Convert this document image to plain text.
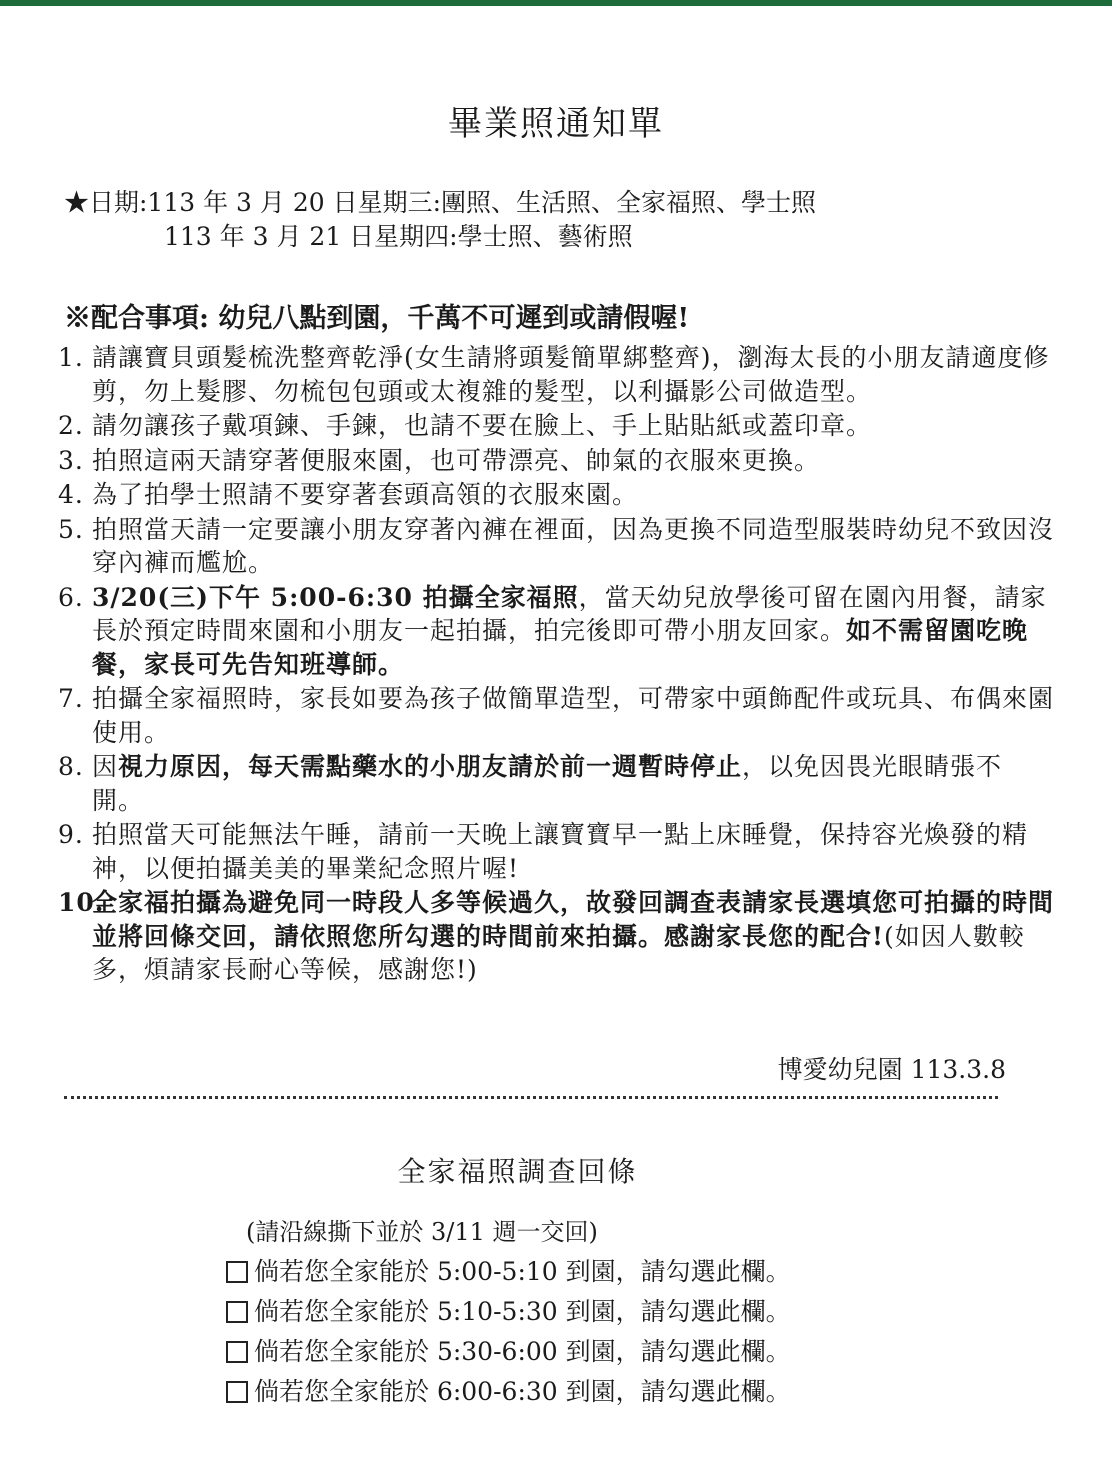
畢業照通知單
★日期:113 年 3 月 20 日星期三:團照、生活照、全家福照、學士照
113 年 3 月 21 日星期四:學士照、藝術照
※配合事項: 幼兒八點到園，千萬不可遲到或請假喔!
1. 請讓寶貝頭髮梳洗整齊乾淨(女生請將頭髮簡單綁整齊)，瀏海太長的小朋友請適度修剪，勿上髮膠、勿梳包包頭或太複雜的髮型，以利攝影公司做造型。
2. 請勿讓孩子戴項鍊、手鍊，也請不要在臉上、手上貼貼紙或蓋印章。
3. 拍照這兩天請穿著便服來園，也可帶漂亮、帥氣的衣服來更換。
4. 為了拍學士照請不要穿著套頭高領的衣服來園。
5. 拍照當天請一定要讓小朋友穿著內褲在裡面，因為更換不同造型服裝時幼兒不致因沒穿內褲而尷尬。
6. 3/20(三)下午 5:00-6:30 拍攝全家福照，當天幼兒放學後可留在園內用餐，請家長於預定時間來園和小朋友一起拍攝，拍完後即可帶小朋友回家。如不需留園吃晚餐，家長可先告知班導師。
7. 拍攝全家福照時，家長如要為孩子做簡單造型，可帶家中頭飾配件或玩具、布偶來園使用。
8. 因視力原因，每天需點藥水的小朋友請於前一週暫時停止，以免因畏光眼睛張不開。
9. 拍照當天可能無法午睡，請前一天晚上讓寶寶早一點上床睡覺，保持容光煥發的精神，以便拍攝美美的畢業紀念照片喔!
10.
全家福拍攝為避免同一時段人多等候過久，故發回調查表請家長選填您可拍攝的時間並將回條交回，請依照您所勾選的時間前來拍攝。感謝家長您的配合!(如因人數較多，煩請家長耐心等候，感謝您!)
博愛幼兒園 113.3.8
全家福照調查回條
(請沿線撕下並於 3/11 週一交回)
倘若您全家能於 5:00-5:10 到園，請勾選此欄。
倘若您全家能於 5:10-5:30 到園，請勾選此欄。
倘若您全家能於 5:30-6:00 到園，請勾選此欄。
倘若您全家能於 6:00-6:30 到園，請勾選此欄。
